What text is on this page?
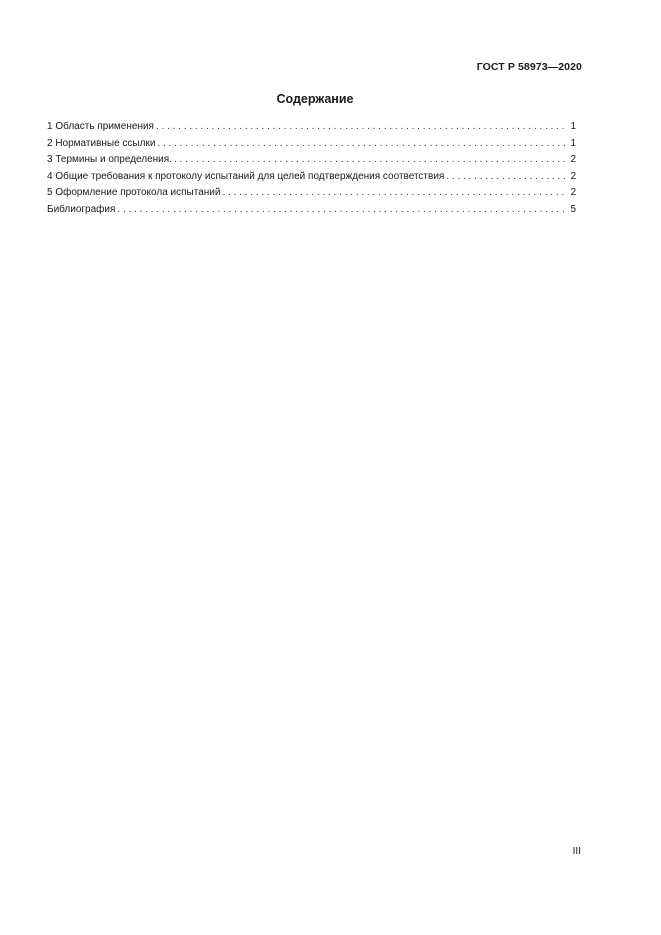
ГОСТ Р 58973—2020
Содержание
1 Область применения . . .	1
2 Нормативные ссылки . . .	1
3 Термины и определения. . . .	2
4 Общие требования к протоколу испытаний для целей подтверждения соответствия . . .	2
5 Оформление протокола испытаний . . .	2
Библиография . . .	5
III
